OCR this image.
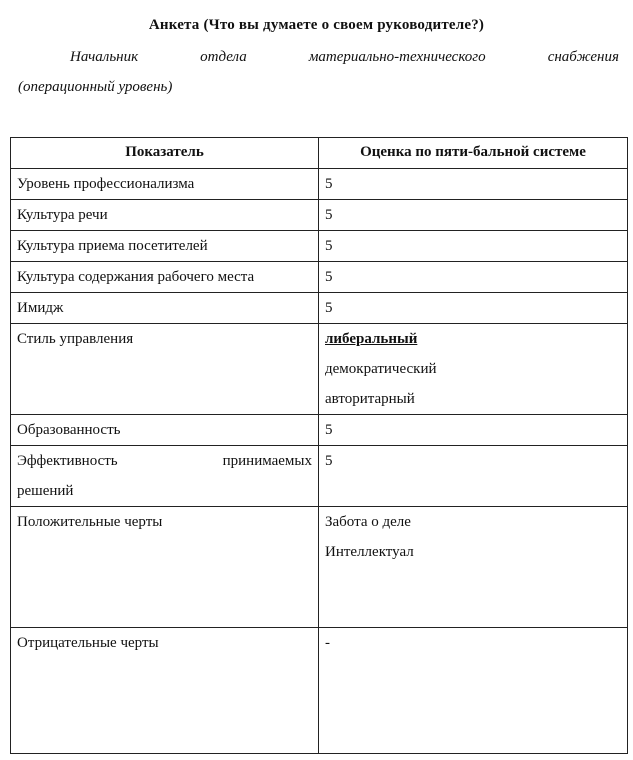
Анкета (Что вы думаете о своем руководителе?)
Начальник	отдела	материально-технического	снабжения
(операционный уровень)
Показатель	Оценка по пяти-бальной системе
Уровень профессионализма	5
Культура речи	5
Культура приема посетителей	5
Культура содержания рабочего места	5
Имидж	5
Стиль управления	либеральный
демократический
авторитарный

Образованность	5

Эффективность принимаемых
решений	5
Положительные черты	Забота о деле
Интеллектуал

Отрицательные черты	-
